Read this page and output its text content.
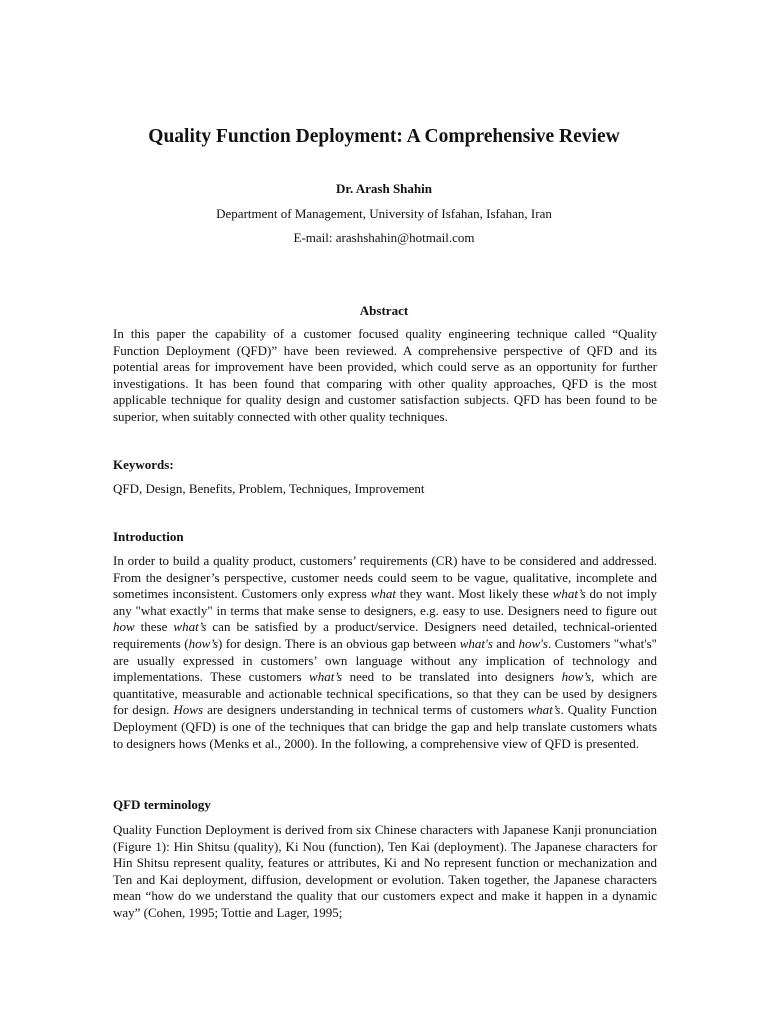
Quality Function Deployment: A Comprehensive Review
Dr. Arash Shahin
Department of Management, University of Isfahan, Isfahan, Iran
E-mail: arashshahin@hotmail.com
Abstract
In this paper the capability of a customer focused quality engineering technique called “Quality Function Deployment (QFD)” have been reviewed. A comprehensive perspective of QFD and its potential areas for improvement have been provided, which could serve as an opportunity for further investigations. It has been found that comparing with other quality approaches, QFD is the most applicable technique for quality design and customer satisfaction subjects. QFD has been found to be superior, when suitably connected with other quality techniques.
Keywords:
QFD, Design, Benefits, Problem, Techniques, Improvement
Introduction
In order to build a quality product, customers’ requirements (CR) have to be considered and addressed. From the designer’s perspective, customer needs could seem to be vague, qualitative, incomplete and sometimes inconsistent. Customers only express what they want. Most likely these what’s do not imply any "what exactly" in terms that make sense to designers, e.g. easy to use. Designers need to figure out how these what’s can be satisfied by a product/service. Designers need detailed, technical-oriented requirements (how’s) for design. There is an obvious gap between what's and how's. Customers "what's" are usually expressed in customers’ own language without any implication of technology and implementations. These customers what’s need to be translated into designers how’s, which are quantitative, measurable and actionable technical specifications, so that they can be used by designers for design. Hows are designers understanding in technical terms of customers what’s. Quality Function Deployment (QFD) is one of the techniques that can bridge the gap and help translate customers whats to designers hows (Menks et al., 2000). In the following, a comprehensive view of QFD is presented.
QFD terminology
Quality Function Deployment is derived from six Chinese characters with Japanese Kanji pronunciation (Figure 1): Hin Shitsu (quality), Ki Nou (function), Ten Kai (deployment). The Japanese characters for Hin Shitsu represent quality, features or attributes, Ki and No represent function or mechanization and Ten and Kai deployment, diffusion, development or evolution. Taken together, the Japanese characters mean “how do we understand the quality that our customers expect and make it happen in a dynamic way” (Cohen, 1995; Tottie and Lager, 1995;
